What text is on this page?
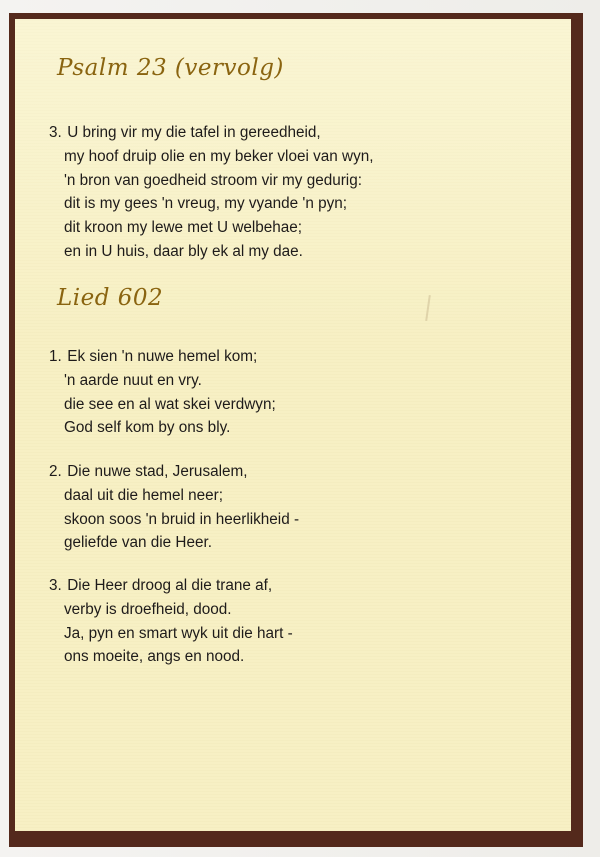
Psalm 23 (vervolg)
3. U bring vir my die tafel in gereedheid,
my hoof druip olie en my beker vloei van wyn,
'n bron van goedheid stroom vir my gedurig:
dit is my gees 'n vreug, my vyande 'n pyn;
dit kroon my lewe met U welbehae;
en in U huis, daar bly ek al my dae.
Lied 602
1. Ek sien 'n nuwe hemel kom;
'n aarde nuut en vry.
die see en al wat skei verdwyn;
God self kom by ons bly.
2. Die nuwe stad, Jerusalem,
daal uit die hemel neer;
skoon soos 'n bruid in heerlikheid -
geliefde van die Heer.
3. Die Heer droog al die trane af,
verby is droefheid, dood.
Ja, pyn en smart wyk uit die hart -
ons moeite, angs en nood.
